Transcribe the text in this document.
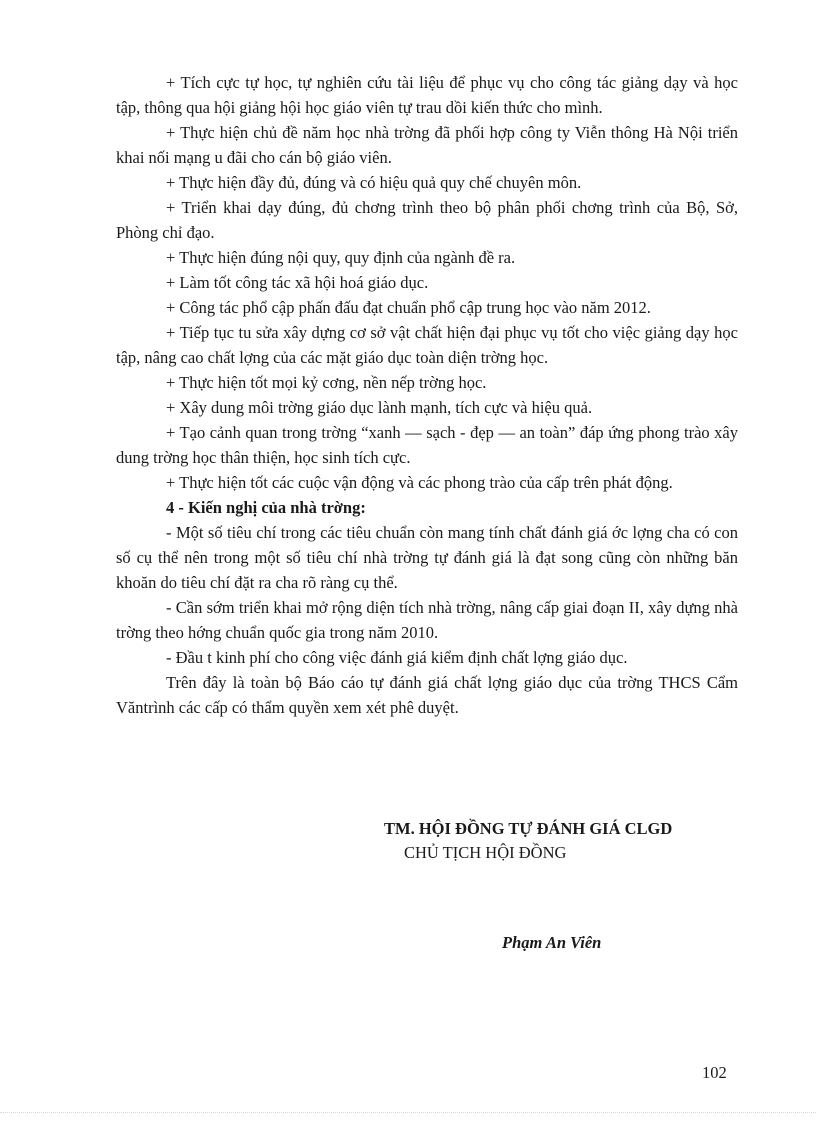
+ Tích cực tự học, tự nghiên cứu tài liệu để phục vụ cho công tác giảng dạy và học tập, thông qua hội giảng hội học giáo viên tự trau dồi kiến thức cho mình.

+ Thực hiện chủ đề năm học nhà trờng đã phối hợp công ty Viễn thông Hà Nội triển khai nối mạng u đãi cho cán bộ giáo viên.

+ Thực hiện đầy đủ, đúng và có hiệu quả quy chế chuyên môn.

+ Triển khai dạy đúng, đủ chơng trình theo bộ phân phối chơng trình của Bộ, Sở, Phòng chỉ đạo.

+ Thực hiện đúng nội quy, quy định của ngành đề ra.

+ Làm tốt công tác xã hội hoá giáo dục.

+ Công tác phổ cập phấn đấu đạt chuẩn phổ cập trung học vào năm 2012.

+ Tiếp tục tu sửa xây dựng cơ sở vật chất hiện đại phục vụ tốt cho việc giảng dạy học tập, nâng cao chất lợng của các mặt giáo dục toàn diện trờng học.

+ Thực hiện tốt mọi kỷ cơng, nền nếp trờng học.

+ Xây dung môi trờng giáo dục lành mạnh, tích cực và hiệu quả.

+ Tạo cảnh quan trong trờng “xanh — sạch - đẹp — an toàn” đáp ứng phong trào xây dung trờng học thân thiện, học sinh tích cực.

+ Thực hiện tốt các cuộc vận động và các phong trào của cấp trên phát động.

4 - Kiến nghị của nhà trờng:

- Một số tiêu chí trong các tiêu chuẩn còn mang tính chất đánh giá ớc lợng cha có con số cụ thể nên trong một số tiêu chí nhà trờng tự đánh giá là đạt song cũng còn những băn khoăn do tiêu chí đặt ra cha rõ ràng cụ thể.

- Cần sớm triển khai mở rộng diện tích nhà trờng, nâng cấp giai đoạn II, xây dựng nhà trờng theo hớng chuẩn quốc gia trong năm 2010.

- Đầu t kinh phí cho công việc đánh giá kiểm định chất lợng giáo dục.

Trên đây là toàn bộ Báo cáo tự đánh giá chất lợng giáo dục của trờng THCS Cẩm Văntrình các cấp có thẩm quyền xem xét phê duyệt.

TM. HỘI ĐỒNG TỰ ĐÁNH GIÁ CLGD
CHỦ TỊCH HỘI ĐỒNG
Phạm An Viên
102
